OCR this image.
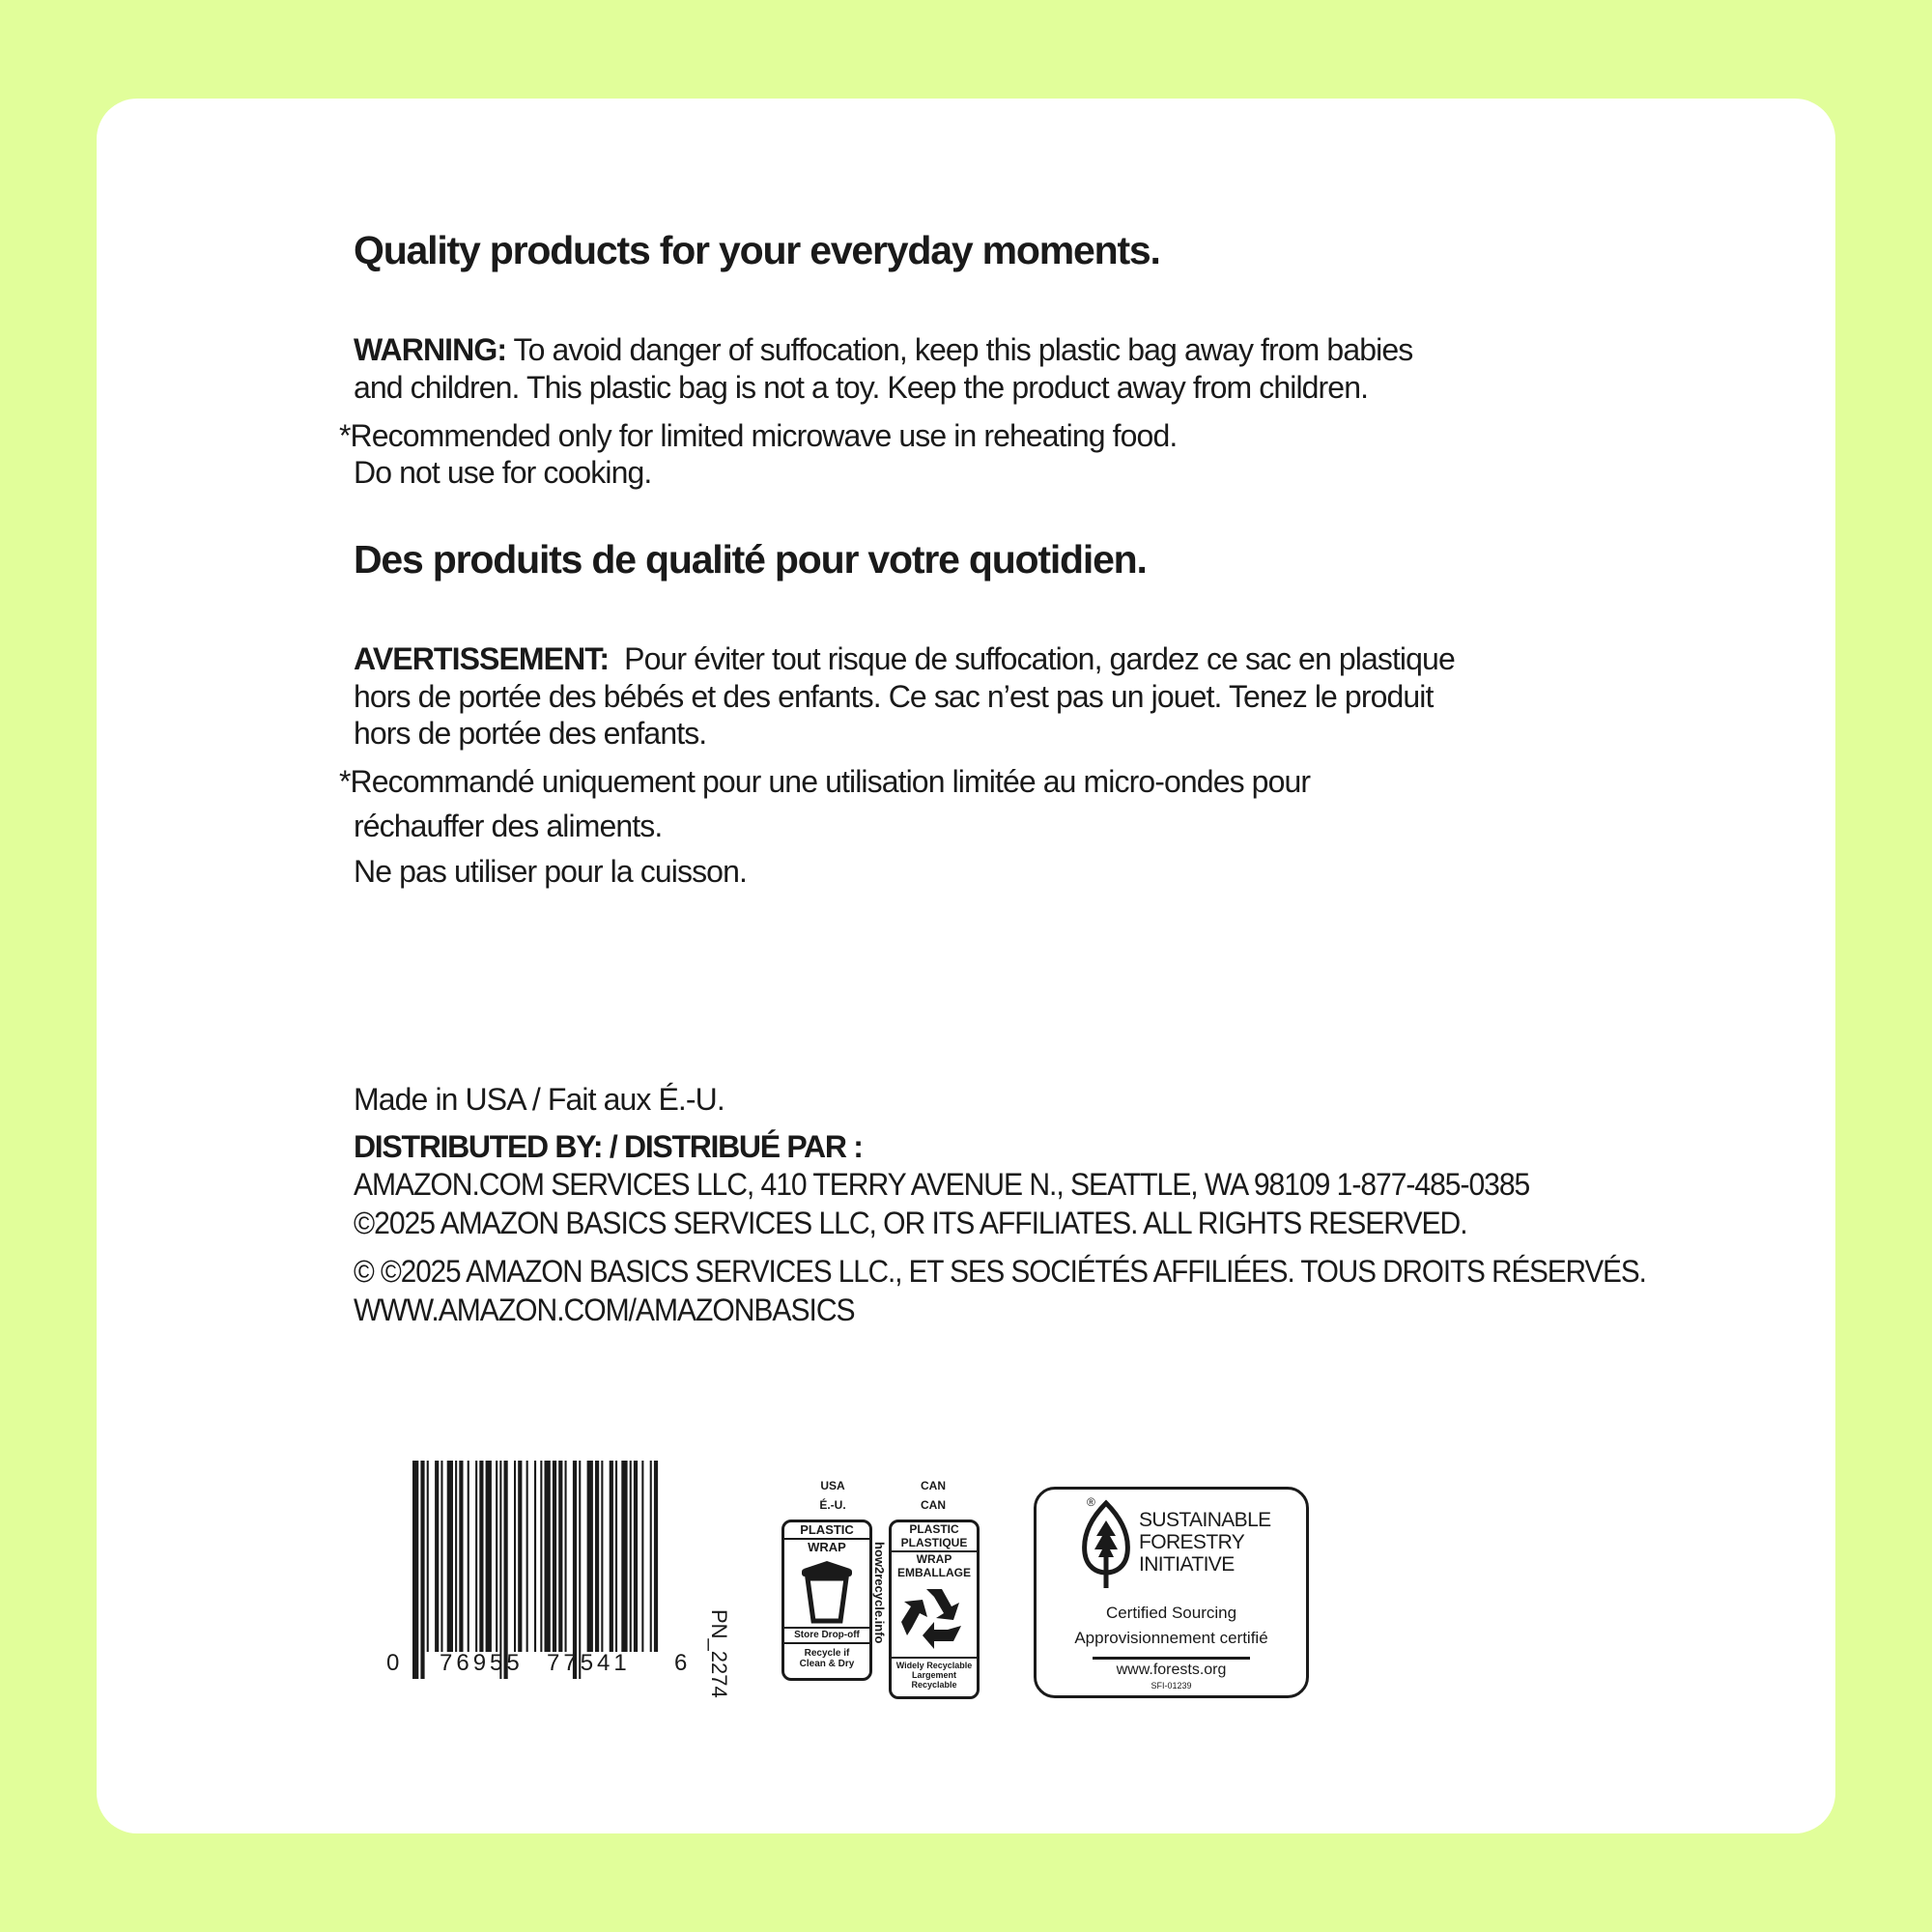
Quality products for your everyday moments.
WARNING: To avoid danger of suffocation, keep this plastic bag away from babies
and children. This plastic bag is not a toy. Keep the product away from children.
*Recommended only for limited microwave use in reheating food.
Do not use for cooking.
Des produits de qualité pour votre quotidien.
AVERTISSEMENT: Pour éviter tout risque de suffocation, gardez ce sac en plastique
hors de portée des bébés et des enfants. Ce sac n’est pas un jouet. Tenez le produit
hors de portée des enfants.
*Recommandé uniquement pour une utilisation limitée au micro-ondes pour
réchauffer des aliments.
Ne pas utiliser pour la cuisson.
Made in USA / Fait aux É.-U.
DISTRIBUTED BY: / DISTRIBUÉ PAR :
AMAZON.COM SERVICES LLC, 410 TERRY AVENUE N., SEATTLE, WA 98109 1-877-485-0385
©2025 AMAZON BASICS SERVICES LLC, OR ITS AFFILIATES. ALL RIGHTS RESERVED.
© ©2025 AMAZON BASICS SERVICES LLC., ET SES SOCIÉTÉS AFFILIÉES. TOUS DROITS RÉSERVÉS.
WWW.AMAZON.COM/AMAZONBASICS
0 76955 77541 6 PN_2274
USA
É.-U.
PLASTIC
WRAP
Store Drop-off
Recycle if
Clean & Dry
how2recycle.info
CAN
CAN
PLASTIC
PLASTIQUE
WRAP
EMBALLAGE
Widely Recyclable
Largement
Recyclable
®
SUSTAINABLE
FORESTRY
INITIATIVE
Certified Sourcing
Approvisionnement certifié
www.forests.org
SFI-01239
